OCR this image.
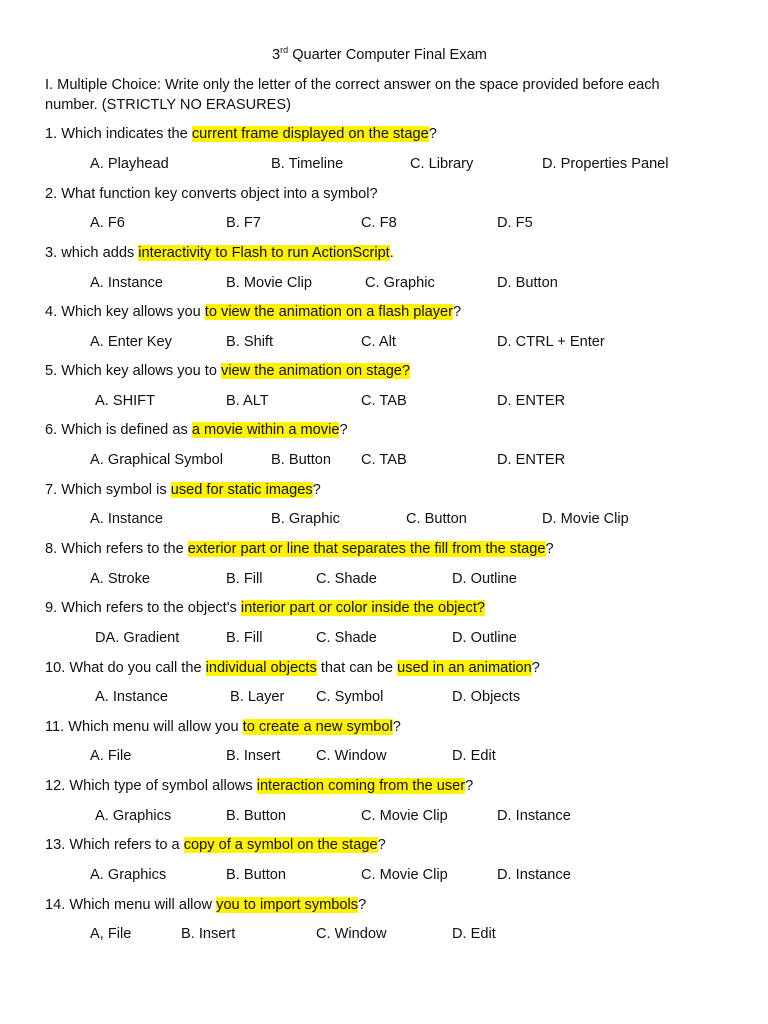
3rd Quarter Computer Final Exam
I. Multiple Choice: Write only the letter of the correct answer on the space provided before each
number. (STRICTLY NO ERASURES)
1. Which indicates the current frame displayed on the stage?
A. Playhead	B. Timeline	C. Library	D. Properties Panel
2. What function key converts object into a symbol?
A. F6	B. F7	C. F8	D. F5
3. which adds interactivity to Flash to run ActionScript.
A. Instance	B. Movie Clip	C. Graphic	D. Button
4. Which key allows you to view the animation on a flash player?
A. Enter Key	B. Shift	C. Alt	D. CTRL + Enter
5. Which key allows you to view the animation on stage?
A. SHIFT	B. ALT	C. TAB	D. ENTER
6. Which is defined as a movie within a movie?
A. Graphical Symbol	B. Button C. TAB	D. ENTER
7. Which symbol is used for static images?
A. Instance	B. Graphic	C. Button	D. Movie Clip
8. Which refers to the exterior part or line that separates the fill from the stage?
A. Stroke	B. Fill	C. Shade	D. Outline
9. Which refers to the object's interior part or color inside the object?
DA. Gradient	B. Fill	C. Shade	D. Outline
10. What do you call the individual objects that can be used in an animation?
A. Instance	B. Layer C. Symbol	D. Objects
11. Which menu will allow you to create a new symbol?
A. File	B. Insert C. Window	D. Edit
12. Which type of symbol allows interaction coming from the user?
A. Graphics	B. Button	C. Movie Clip	D. Instance
13. Which refers to a copy of a symbol on the stage?
A. Graphics	B. Button	C. Movie Clip	D. Instance
14. Which menu will allow you to import symbols?
A, File	B. Insert	C. Window	D. Edit
